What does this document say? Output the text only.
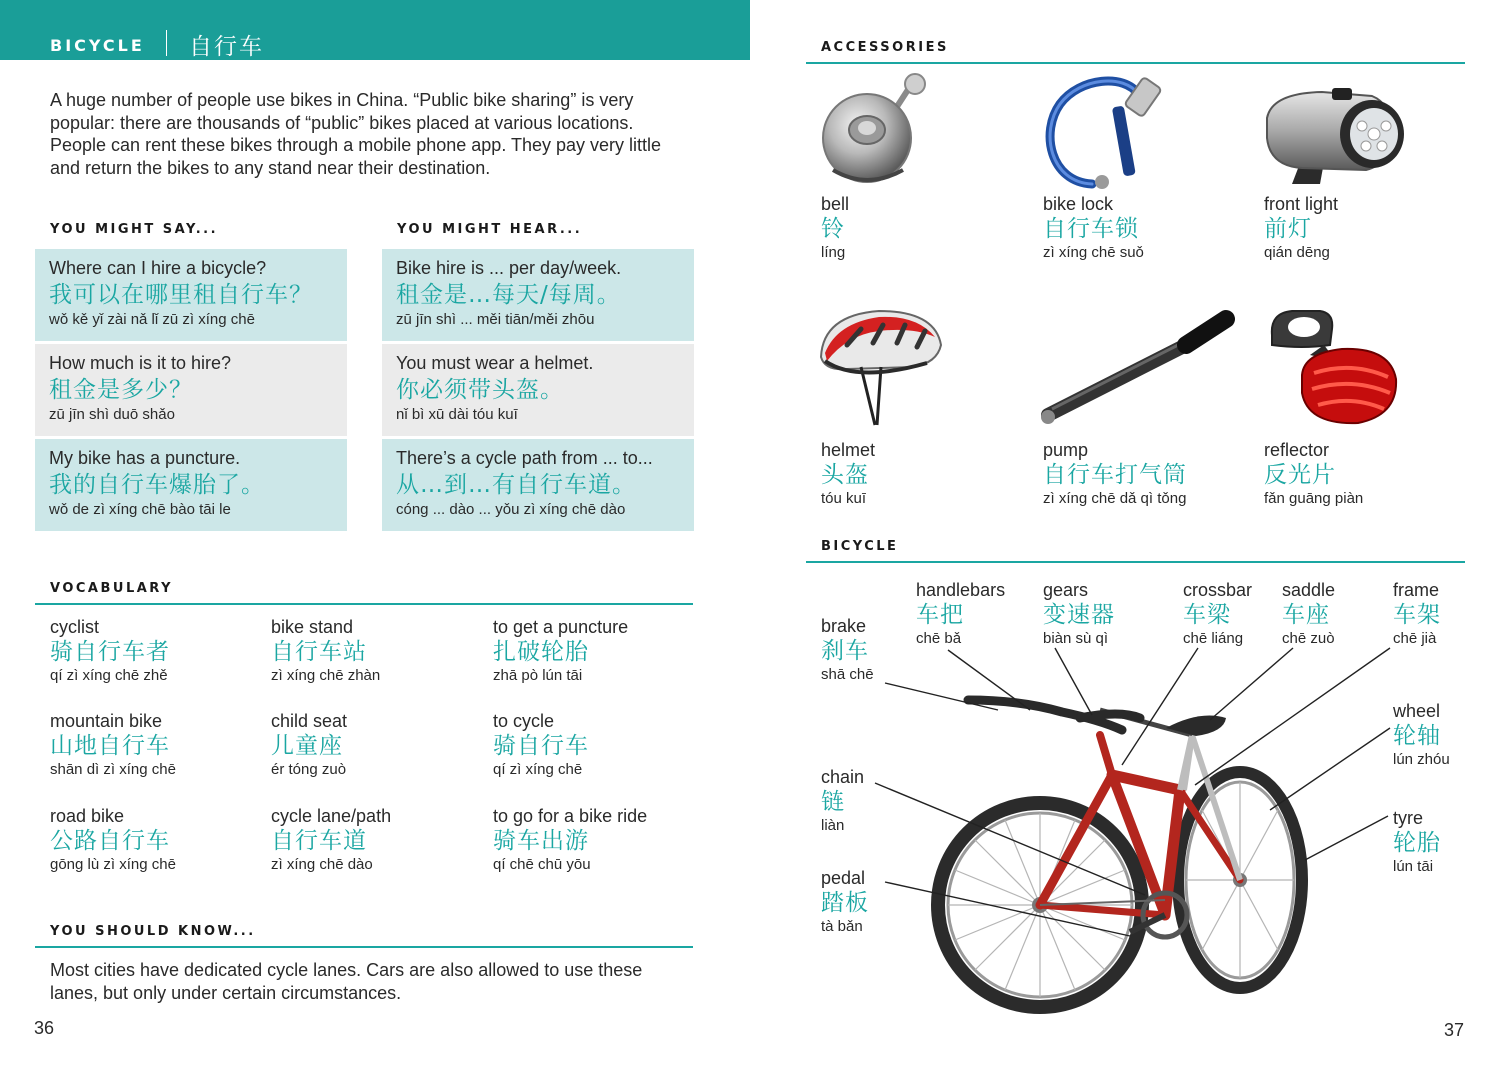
BICYCLE 自行车

A huge number of people use bikes in China. “Public bike sharing” is very popular: there are thousands of “public” bikes placed at various locations. People can rent these bikes through a mobile phone app. They pay very little and return the bikes to any stand near their destination.

YOU MIGHT SAY...	YOU MIGHT HEAR...
Where can I hire a bicycle?
我可以在哪里租自行车？
wǒ kě yǐ zài nǎ lǐ zū zì xíng chē
How much is it to hire?
租金是多少？
zū jīn shì duō shǎo
My bike has a puncture.
我的自行车爆胎了。
wǒ de zì xíng chē bào tāi le
Bike hire is ... per day/week.
租金是…每天/每周。
zū jīn shì ... měi tiān/měi zhōu
You must wear a helmet.
你必须带头盔。
nǐ bì xū dài tóu kuī
There’s a cycle path from ... to...
从…到…有自行车道。
cóng ... dào ... yǒu zì xíng chē dào
VOCABULARY
cyclist
骑自行车者
qí zì xíng chē zhě
bike stand
自行车站
zì xíng chē zhàn
to get a puncture
扎破轮胎
zhā pò lún tāi
mountain bike
山地自行车
shān dì zì xíng chē
child seat
儿童座
ér tóng zuò
to cycle
骑自行车
qí zì xíng chē
road bike
公路自行车
gōng lù zì xíng chē
cycle lane/path
自行车道
zì xíng chē dào
to go for a bike ride
骑车出游
qí chē chū yōu
YOU SHOULD KNOW...

Most cities have dedicated cycle lanes. Cars are also allowed to use these lanes, but only under certain circumstances.

36
ACCESSORIES
bell
铃
líng
bike lock
自行车锁
zì xíng chē suǒ
front light
前灯
qián dēng
helmet
头盔
tóu kuī
pump
自行车打气筒
zì xíng chē dǎ qì tǒng
reflector
反光片
fǎn guāng piàn
BICYCLE
handlebars
车把
chē bǎ
gears
变速器
biàn sù qì
crossbar
车梁
chē liáng
saddle
车座
chē zuò
frame
车架
chē jià
brake
刹车
shā chē
wheel
轮轴
lún zhóu
chain
链
liàn	tyre
轮胎
lún tāi
pedal
踏板
tà bǎn
37
